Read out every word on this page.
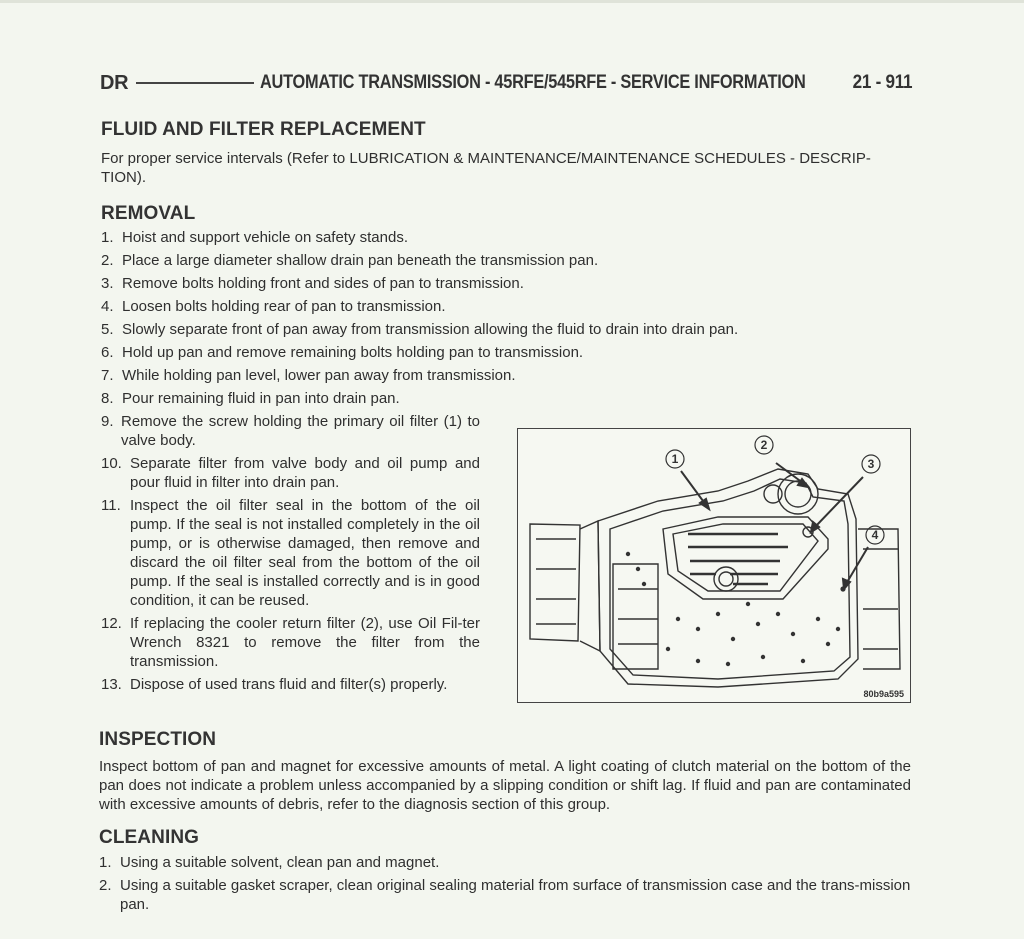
DR	AUTOMATIC TRANSMISSION - 45RFE/545RFE - SERVICE INFORMATION 21 - 911
FLUID AND FILTER REPLACEMENT

For proper service intervals (Refer to LUBRICATION & MAINTENANCE/MAINTENANCE SCHEDULES - DESCRIP-TION).

REMOVAL
1. Hoist and support vehicle on safety stands.
2. Place a large diameter shallow drain pan beneath the transmission pan.
3. Remove bolts holding front and sides of pan to transmission.
4. Loosen bolts holding rear of pan to transmission.
5. Slowly separate front of pan away from transmission allowing the fluid to drain into drain pan.
6. Hold up pan and remove remaining bolts holding pan to transmission.
7. While holding pan level, lower pan away from transmission.
8. Pour remaining fluid in pan into drain pan.
9. Remove the screw holding the primary oil filter (1) to valve body.
10. Separate filter from valve body and oil pump and pour fluid in filter into drain pan.
11. Inspect the oil filter seal in the bottom of the oil pump. If the seal is not installed completely in the oil pump, or is otherwise damaged, then remove and discard the oil filter seal from the bottom of the oil pump. If the seal is installed correctly and is in good condition, it can be reused.
12. If replacing the cooler return filter (2), use Oil Fil-ter Wrench 8321 to remove the filter from the transmission.
13. Dispose of used trans fluid and filter(s) properly.
1
2
3
4
80b9a595
INSPECTION

Inspect bottom of pan and magnet for excessive amounts of metal. A light coating of clutch material on the bottom of the pan does not indicate a problem unless accompanied by a slipping condition or shift lag. If fluid and pan are contaminated with excessive amounts of debris, refer to the diagnosis section of this group.

CLEANING
1. Using a suitable solvent, clean pan and magnet.
2. Using a suitable gasket scraper, clean original sealing material from surface of transmission case and the trans-mission pan.
